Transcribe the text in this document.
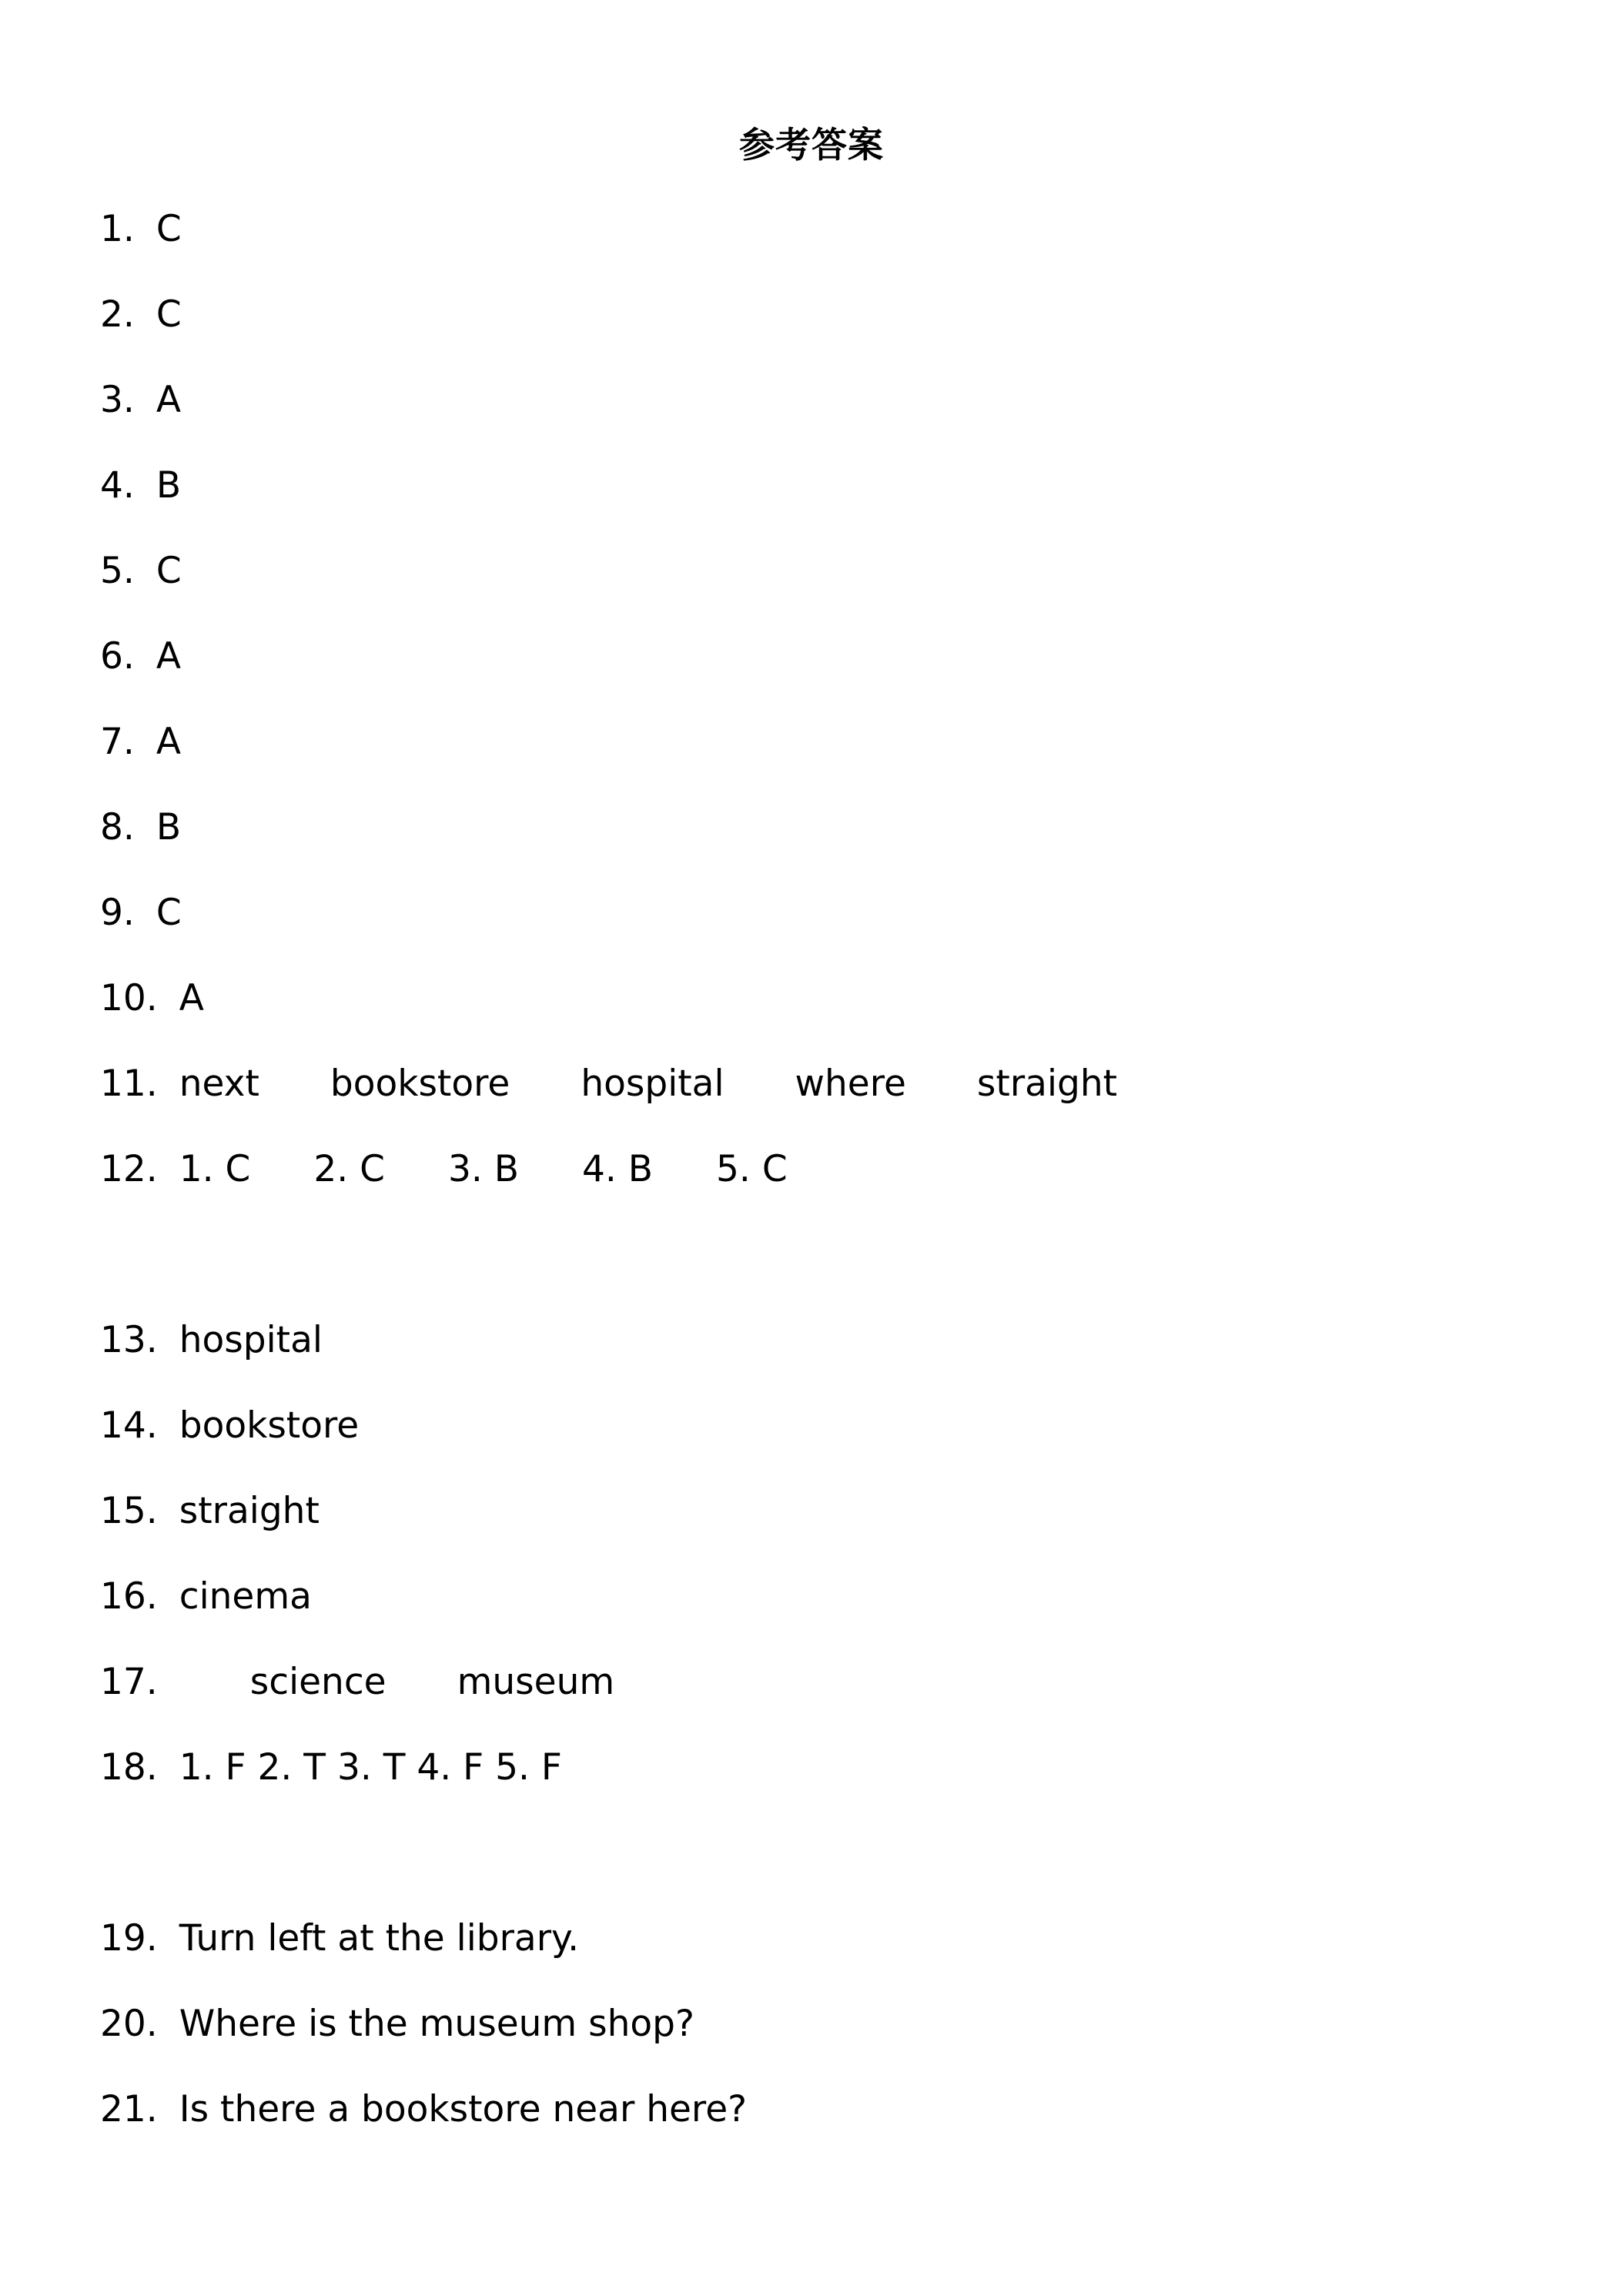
参考答案
1. C
2. C
3. A
4. B
5. C
6. A
7. A
8. B
9. C
10. A
11. next bookstore hospital where straight
12. 1. C 2. C 3. B 4. B 5. C
13. hospital
14. bookstore
15. straight
16. cinema
17.	science museum
18. 1. F 2. T 3. T 4. F 5. F
19. Turn left at the library.
20. Where is the museum shop?
21. Is there a bookstore near here?
